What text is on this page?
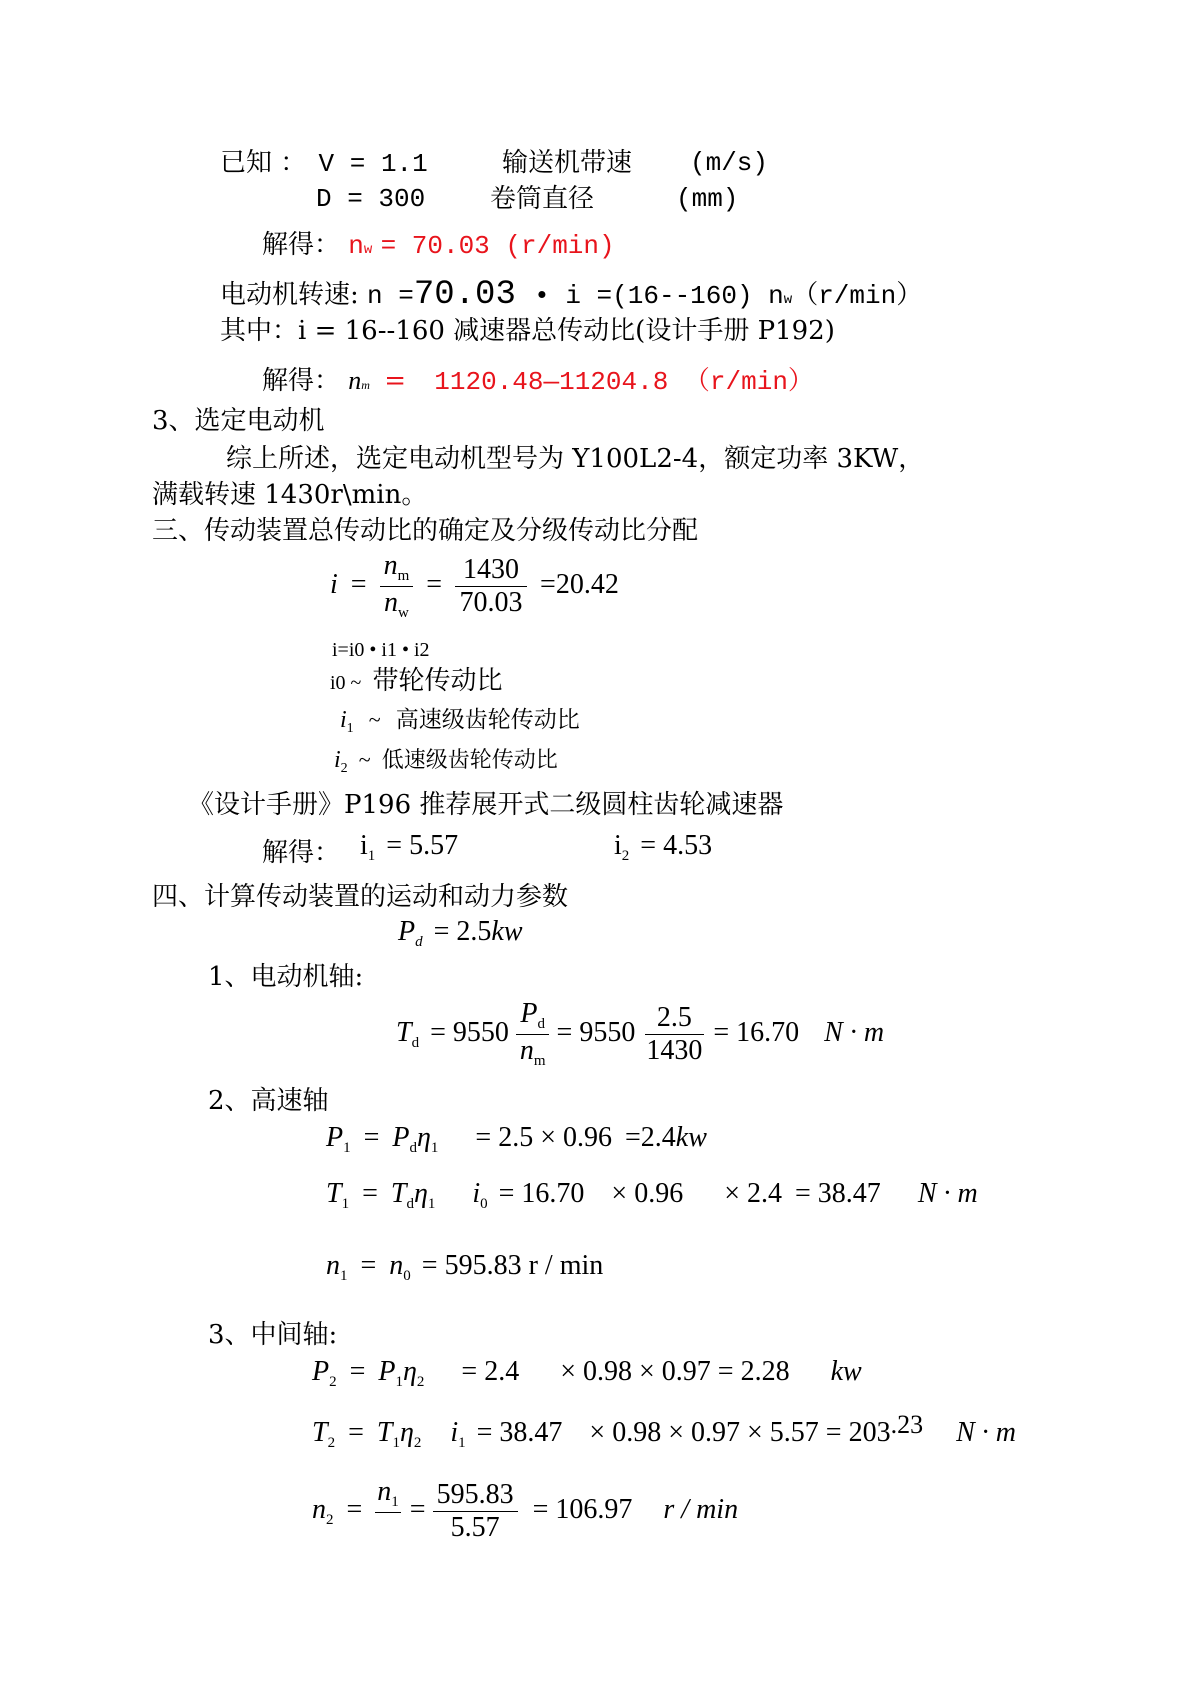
已知 ： V = 1.1	输送机带速 (m/s)
D = 300 卷筒直径	(mm)
解得： nw = 70.03 (r/min)
电动机转速: n =70.03 • i =(16--160) nw（r/min）
其中：i = 16--160 减速器总传动比(设计手册 P192)
解得： nm = 1120.48—11204.8 （r/min）
3、选定电动机
综上所述，选定电动机型号为 Y100L2-4，额定功率 3KW，
满载转速 1430r\min。
三、传动装置总传动比的确定及分级传动比分配
$i = \frac{n_m}{n_w} = \frac{1430}{70.03} =20.42$
i=i0 • i1 • i2
i0 ~ 带轮传动比
$i_1$ ~ 高速级齿轮传动比
$i_2$ ~ 低速级齿轮传动比
《设计手册》P196 推荐展开式二级圆柱齿轮减速器
解得： $i_1 = 5.57$	$i_2 = 4.53$
四、计算传动装置的运动和动力参数
$P_d = 2.5kw$
1、电动机轴:
$T_d = 9550 \frac{P_d}{n_m} = 9550 \frac{2.5}{1430} = 16.70$ N · m
2、高速轴
$P_1 = P_d\eta_1 = 2.5 \times 0.96 =2.4kw$
$T_1 = T_d\eta_1$ $i_0 = 16.70 \times 0.96 \times 2.4 = 38.47$ N · m
$n_1 = n_0 = 595.83$ r / min
3、中间轴:
$P_2 = P_1\eta_2 = 2.4 \times 0.98 \times 0.97 = 2.28$ kw
$T_2 = T_1\eta_2$ $i_1 = 38.47 \times 0.98 \times 0.97 \times 5.57 = 203.23$ N · m
$n_2$ =
$n_1 = \frac{595.83}{5.57} = 106.97$ r / min
